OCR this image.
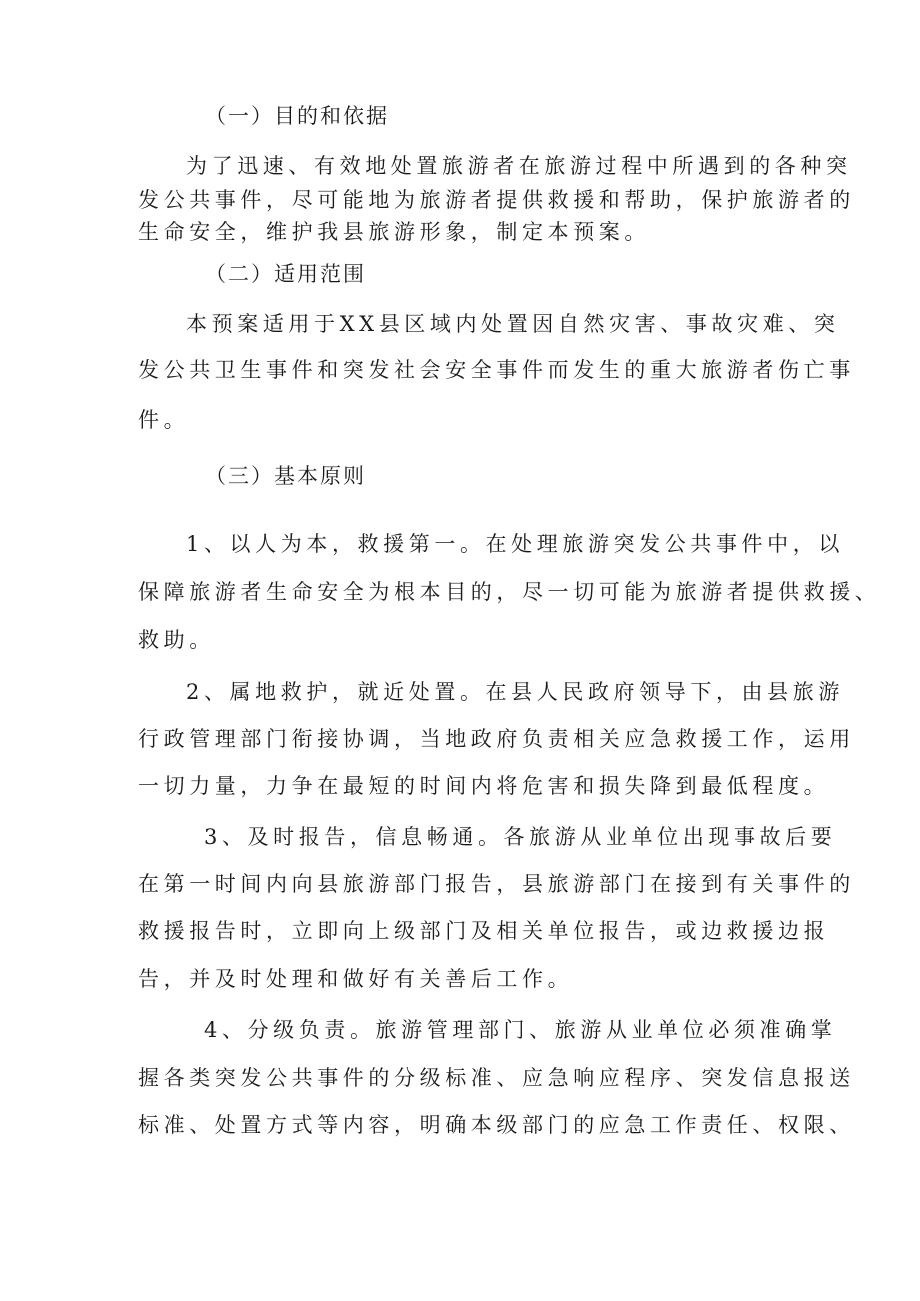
（一）目的和依据

为了迅速、有效地处置旅游者在旅游过程中所遇到的各种突

发公共事件，尽可能地为旅游者提供救援和帮助，保护旅游者的

生命安全，维护我县旅游形象，制定本预案。

（二）适用范围

本预案适用于XX县区域内处置因自然灾害、事故灾难、突

发公共卫生事件和突发社会安全事件而发生的重大旅游者伤亡事

件。

（三）基本原则

1、以人为本，救援第一。在处理旅游突发公共事件中，以

保障旅游者生命安全为根本目的，尽一切可能为旅游者提供救援、

救助。

2、属地救护，就近处置。在县人民政府领导下，由县旅游

行政管理部门衔接协调，当地政府负责相关应急救援工作，运用

一切力量，力争在最短的时间内将危害和损失降到最低程度。

3、及时报告，信息畅通。各旅游从业单位出现事故后要

在第一时间内向县旅游部门报告，县旅游部门在接到有关事件的

救援报告时，立即向上级部门及相关单位报告，或边救援边报

告，并及时处理和做好有关善后工作。

4、分级负责。旅游管理部门、旅游从业单位必须准确掌

握各类突发公共事件的分级标准、应急响应程序、突发信息报送

标准、处置方式等内容，明确本级部门的应急工作责任、权限、
